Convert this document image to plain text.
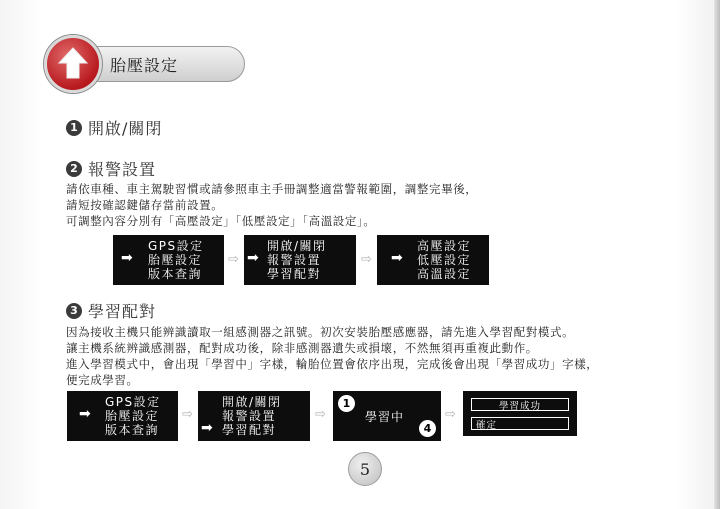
胎壓設定
1 開啟/關閉
2 報警設置
請依車種、車主駕駛習慣或請參照車主手冊調整適當警報範圍，調整完畢後，
請短按確認鍵儲存當前設置。
可調整內容分別有「高壓設定」「低壓設定」「高溫設定」。
GPS設定
➡ 胎壓設定
版本查詢
⇨
開啟/關閉
➡ 報警設置
學習配對
⇨
高壓設定
➡ 低壓設定
高溫設定
3 學習配對
因為接收主機只能辨識讀取一組感測器之訊號。初次安裝胎壓感應器，請先進入學習配對模式。
讓主機系統辨識感測器，配對成功後，除非感測器遺失或損壞，不然無須再重複此動作。
進入學習模式中，會出現「學習中」字樣，輪胎位置會依序出現，完成後會出現「學習成功」字樣，
便完成學習。
GPS設定
➡ 胎壓設定
版本查詢
⇨
開啟/關閉
報警設置
➡ 學習配對
⇨
1
學習中
4
⇨
學習成功
確定
5
